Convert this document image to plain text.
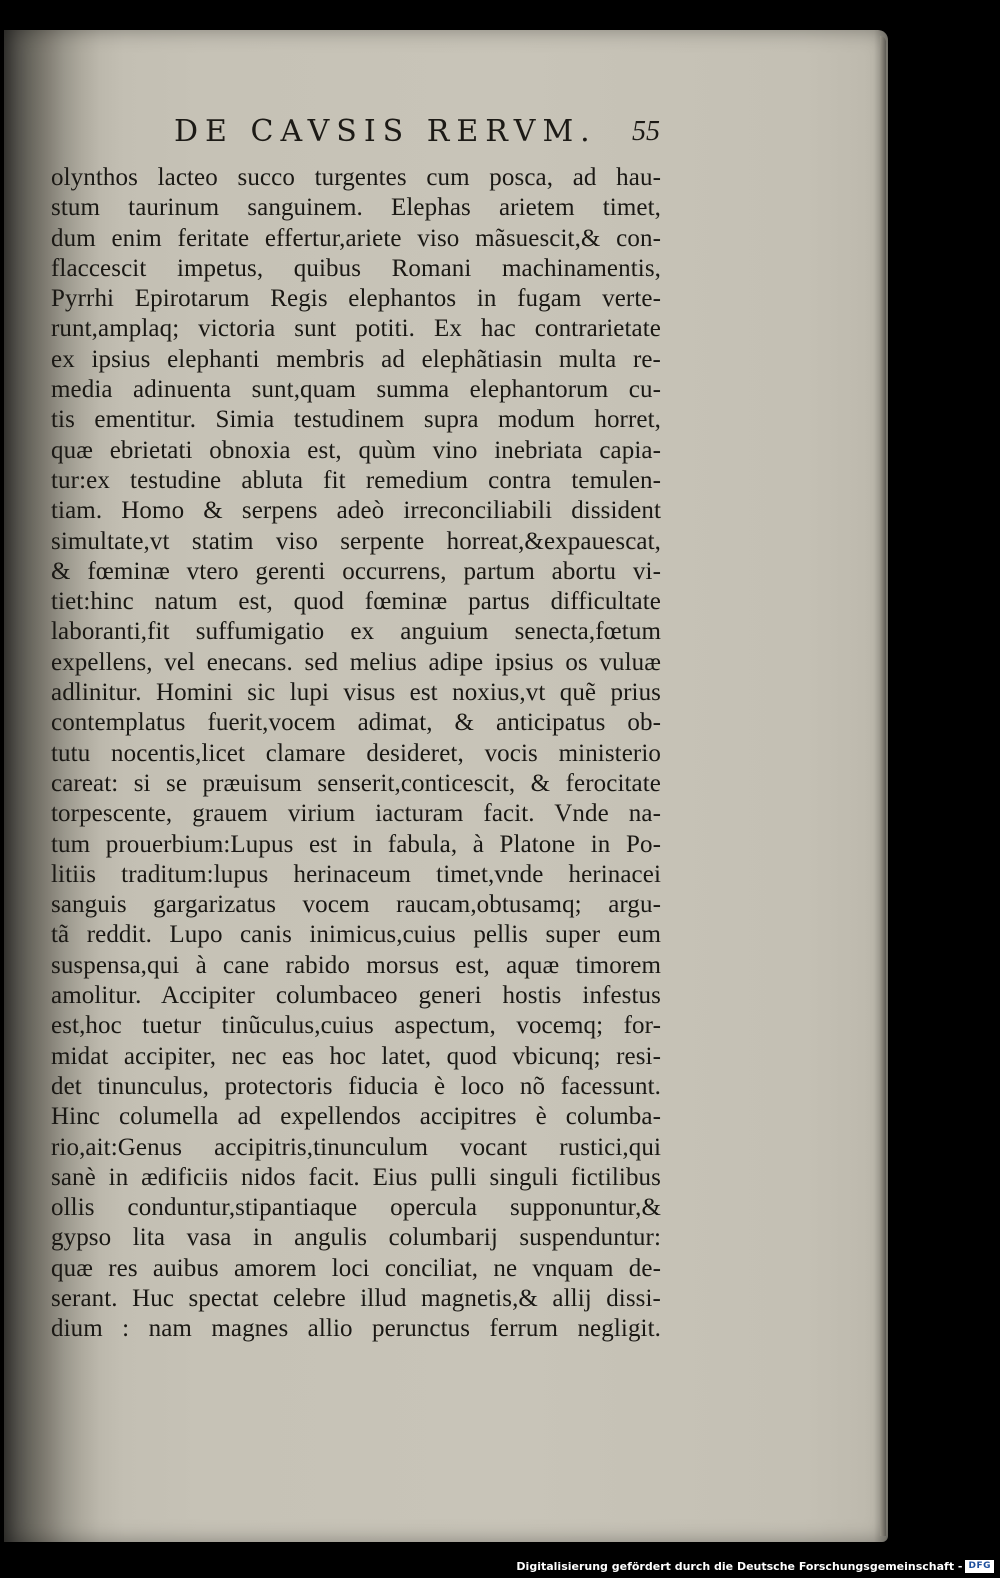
DE CAVSIS RERVM.	55
olynthos lacteo succo turgentes cum posca, ad hau-
stum taurinum sanguinem. Elephas arietem timet,
dum enim feritate effertur,ariete viso mãsuescit,& con-
flaccescit impetus, quibus Romani machinamentis,
Pyrrhi Epirotarum Regis elephantos in fugam verte-
runt,amplaq; victoria sunt potiti. Ex hac contrarietate
ex ipsius elephanti membris ad elephãtiasin multa re-
media adinuenta sunt,quam summa elephantorum cu-
tis ementitur. Simia testudinem supra modum horret,
quæ ebrietati obnoxia est, quùm vino inebriata capia-
tur:ex testudine abluta fit remedium contra temulen-
tiam. Homo & serpens adeò irreconciliabili dissident
simultate,vt statim viso serpente horreat,&expauescat,
& fœminæ vtero gerenti occurrens, partum abortu vi-
tiet:hinc natum est, quod fœminæ partus difficultate
laboranti,fit suffumigatio ex anguium senecta,fœtum
expellens, vel enecans. sed melius adipe ipsius os vuluæ
adlinitur. Homini sic lupi visus est noxius,vt quẽ prius
contemplatus fuerit,vocem adimat, & anticipatus ob-
tutu nocentis,licet clamare desideret, vocis ministerio
careat: si se præuisum senserit,conticescit, & ferocitate
torpescente, grauem virium iacturam facit. Vnde na-
tum prouerbium:Lupus est in fabula, à Platone in Po-
litiis traditum:lupus herinaceum timet,vnde herinacei
sanguis gargarizatus vocem raucam,obtusamq; argu-
tã reddit. Lupo canis inimicus,cuius pellis super eum
suspensa,qui à cane rabido morsus est, aquæ timorem
amolitur. Accipiter columbaceo generi hostis infestus
est,hoc tuetur tinũculus,cuius aspectum, vocemq; for-
midat accipiter, nec eas hoc latet, quod vbicunq; resi-
det tinunculus, protectoris fiducia è loco nõ facessunt.
Hinc columella ad expellendos accipitres è columba-
rio,ait:Genus accipitris,tinunculum vocant rustici,qui
sanè in ædificiis nidos facit. Eius pulli singuli fictilibus
ollis conduntur,stipantiaque opercula supponuntur,&
gypso lita vasa in angulis columbarij suspenduntur:
quæ res auibus amorem loci conciliat, ne vnquam de-
serant. Huc spectat celebre illud magnetis,& allij dissi-
dium : nam magnes allio perunctus ferrum negligit.
Digitalisierung gefördert durch die Deutsche Forschungsgemeinschaft - DFG
